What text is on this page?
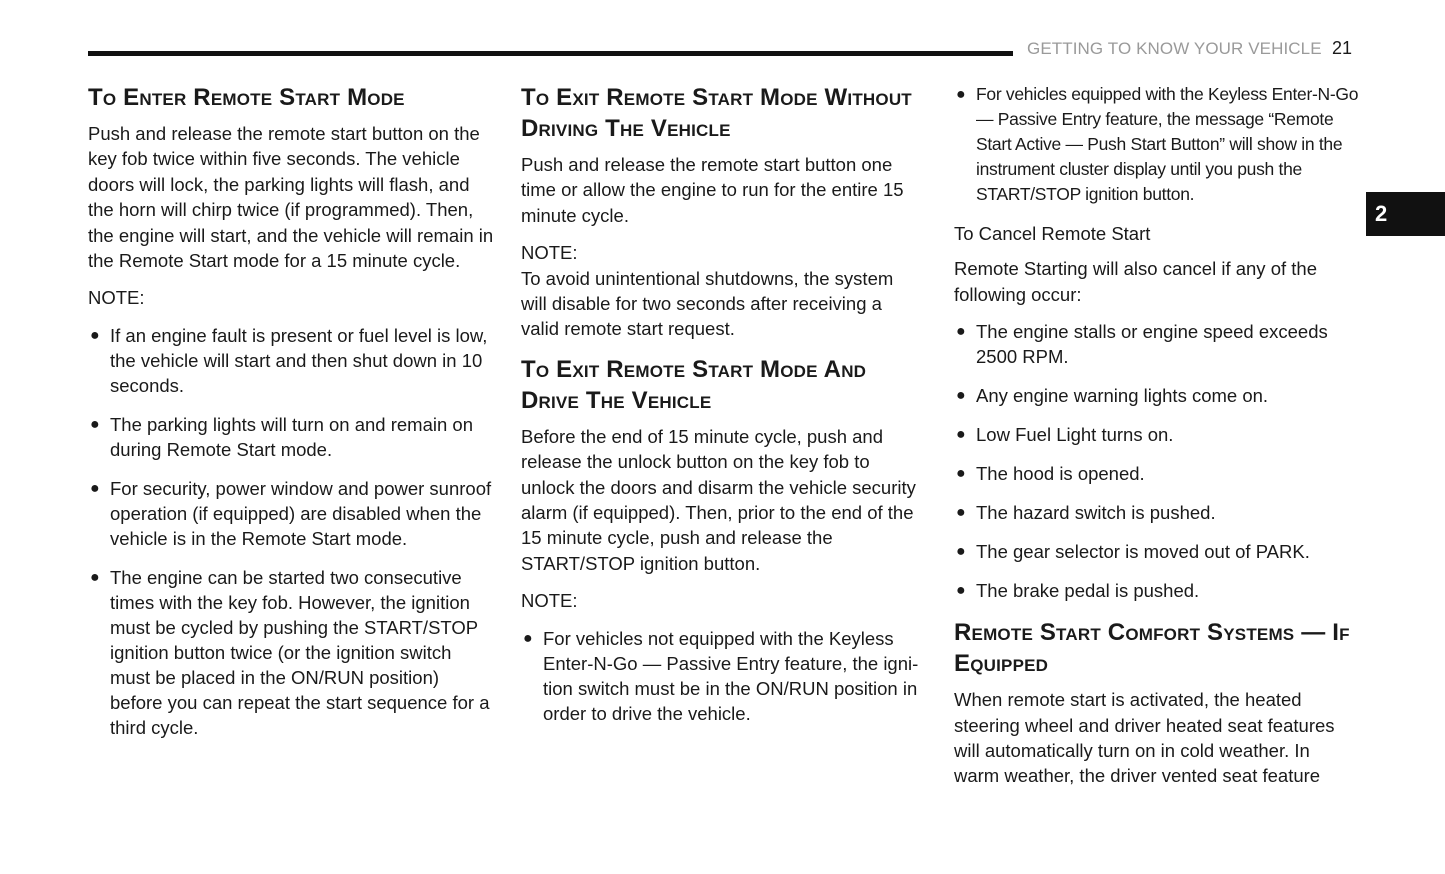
GETTING TO KNOW YOUR VEHICLE 21
2
To Enter Remote Start Mode

Push and release the remote start button on the key fob twice within five seconds. The vehicle doors will lock, the parking lights will flash, and the horn will chirp twice (if programmed). Then, the engine will start, and the vehicle will remain in the Remote Start mode for a 15 minute cycle.

NOTE:
● If an engine fault is present or fuel level is low, the vehicle will start and then shut down in 10 seconds.
● The parking lights will turn on and remain on during Remote Start mode.
● For security, power window and power sunroof operation (if equipped) are disabled when the vehicle is in the Remote Start mode.
● The engine can be started two consecutive times with the key fob. However, the ignition must be cycled by pushing the START/STOP ignition button twice (or the ignition switch must be placed in the ON/RUN position) before you can repeat the start sequence for a third cycle.
To Exit Remote Start Mode Without Driving The Vehicle

Push and release the remote start button one time or allow the engine to run for the entire 15 minute cycle.

NOTE:

To avoid unintentional shutdowns, the system will disable for two seconds after receiving a valid remote start request.

To Exit Remote Start Mode And Drive The Vehicle

Before the end of 15 minute cycle, push and release the unlock button on the key fob to unlock the doors and disarm the vehicle security alarm (if equipped). Then, prior to the end of the 15 minute cycle, push and release the START/STOP ignition button.

NOTE:
● For vehicles not equipped with the Keyless Enter-N-Go — Passive Entry feature, the igni-tion switch must be in the ON/RUN position in order to drive the vehicle.
● For vehicles equipped with the Keyless Enter-N-Go — Passive Entry feature, the message “Remote Start Active — Push Start Button” will show in the instrument cluster display until you push the START/STOP ignition button.
To Cancel Remote Start

Remote Starting will also cancel if any of the following occur:

● The engine stalls or engine speed exceeds 2500 RPM.
● Any engine warning lights come on.
● Low Fuel Light turns on.
● The hood is opened.
● The hazard switch is pushed.
● The gear selector is moved out of PARK.
● The brake pedal is pushed.
Remote Start Comfort Systems — If Equipped

When remote start is activated, the heated steering wheel and driver heated seat features will automatically turn on in cold weather. In warm weather, the driver vented seat feature
